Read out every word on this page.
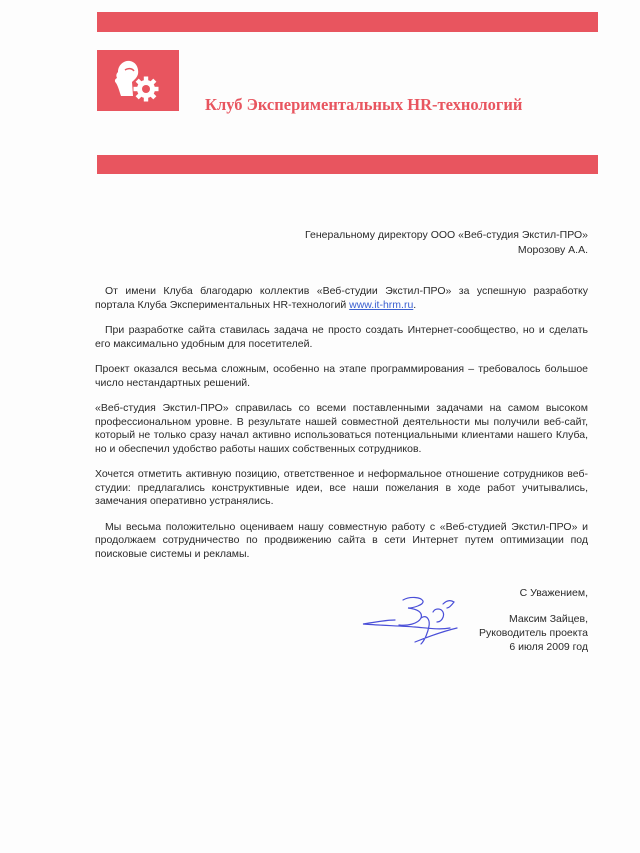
Клуб Экспериментальных HR-технологий
Генеральному директору ООО «Веб-студия Экстил-ПРО»
Морозову А.А.

От имени Клуба благодарю коллектив «Веб-студии Экстил-ПРО» за успешную разработку портала Клуба Экспериментальных HR-технологий www.it-hrm.ru.

При разработке сайта ставилась задача не просто создать Интернет-сообщество, но и сделать его максимально удобным для посетителей.

Проект оказался весьма сложным, особенно на этапе программирования – требовалось большое число нестандартных решений.

«Веб-студия Экстил-ПРО» справилась со всеми поставленными задачами на самом высоком профессиональном уровне. В результате нашей совместной деятельности мы получили веб-сайт, который не только сразу начал активно использоваться потенциальными клиентами нашего Клуба, но и обеспечил удобство работы наших собственных сотрудников.

Хочется отметить активную позицию, ответственное и неформальное отношение сотрудников веб-студии: предлагались конструктивные идеи, все наши пожелания в ходе работ учитывались, замечания оперативно устранялись.

Мы весьма положительно оцениваем нашу совместную работу с «Веб-студией Экстил-ПРО» и продолжаем сотрудничество по продвижению сайта в сети Интернет путем оптимизации под поисковые системы и рекламы.

С Уважением,
Максим Зайцев,
Руководитель проекта
6 июля 2009 год
